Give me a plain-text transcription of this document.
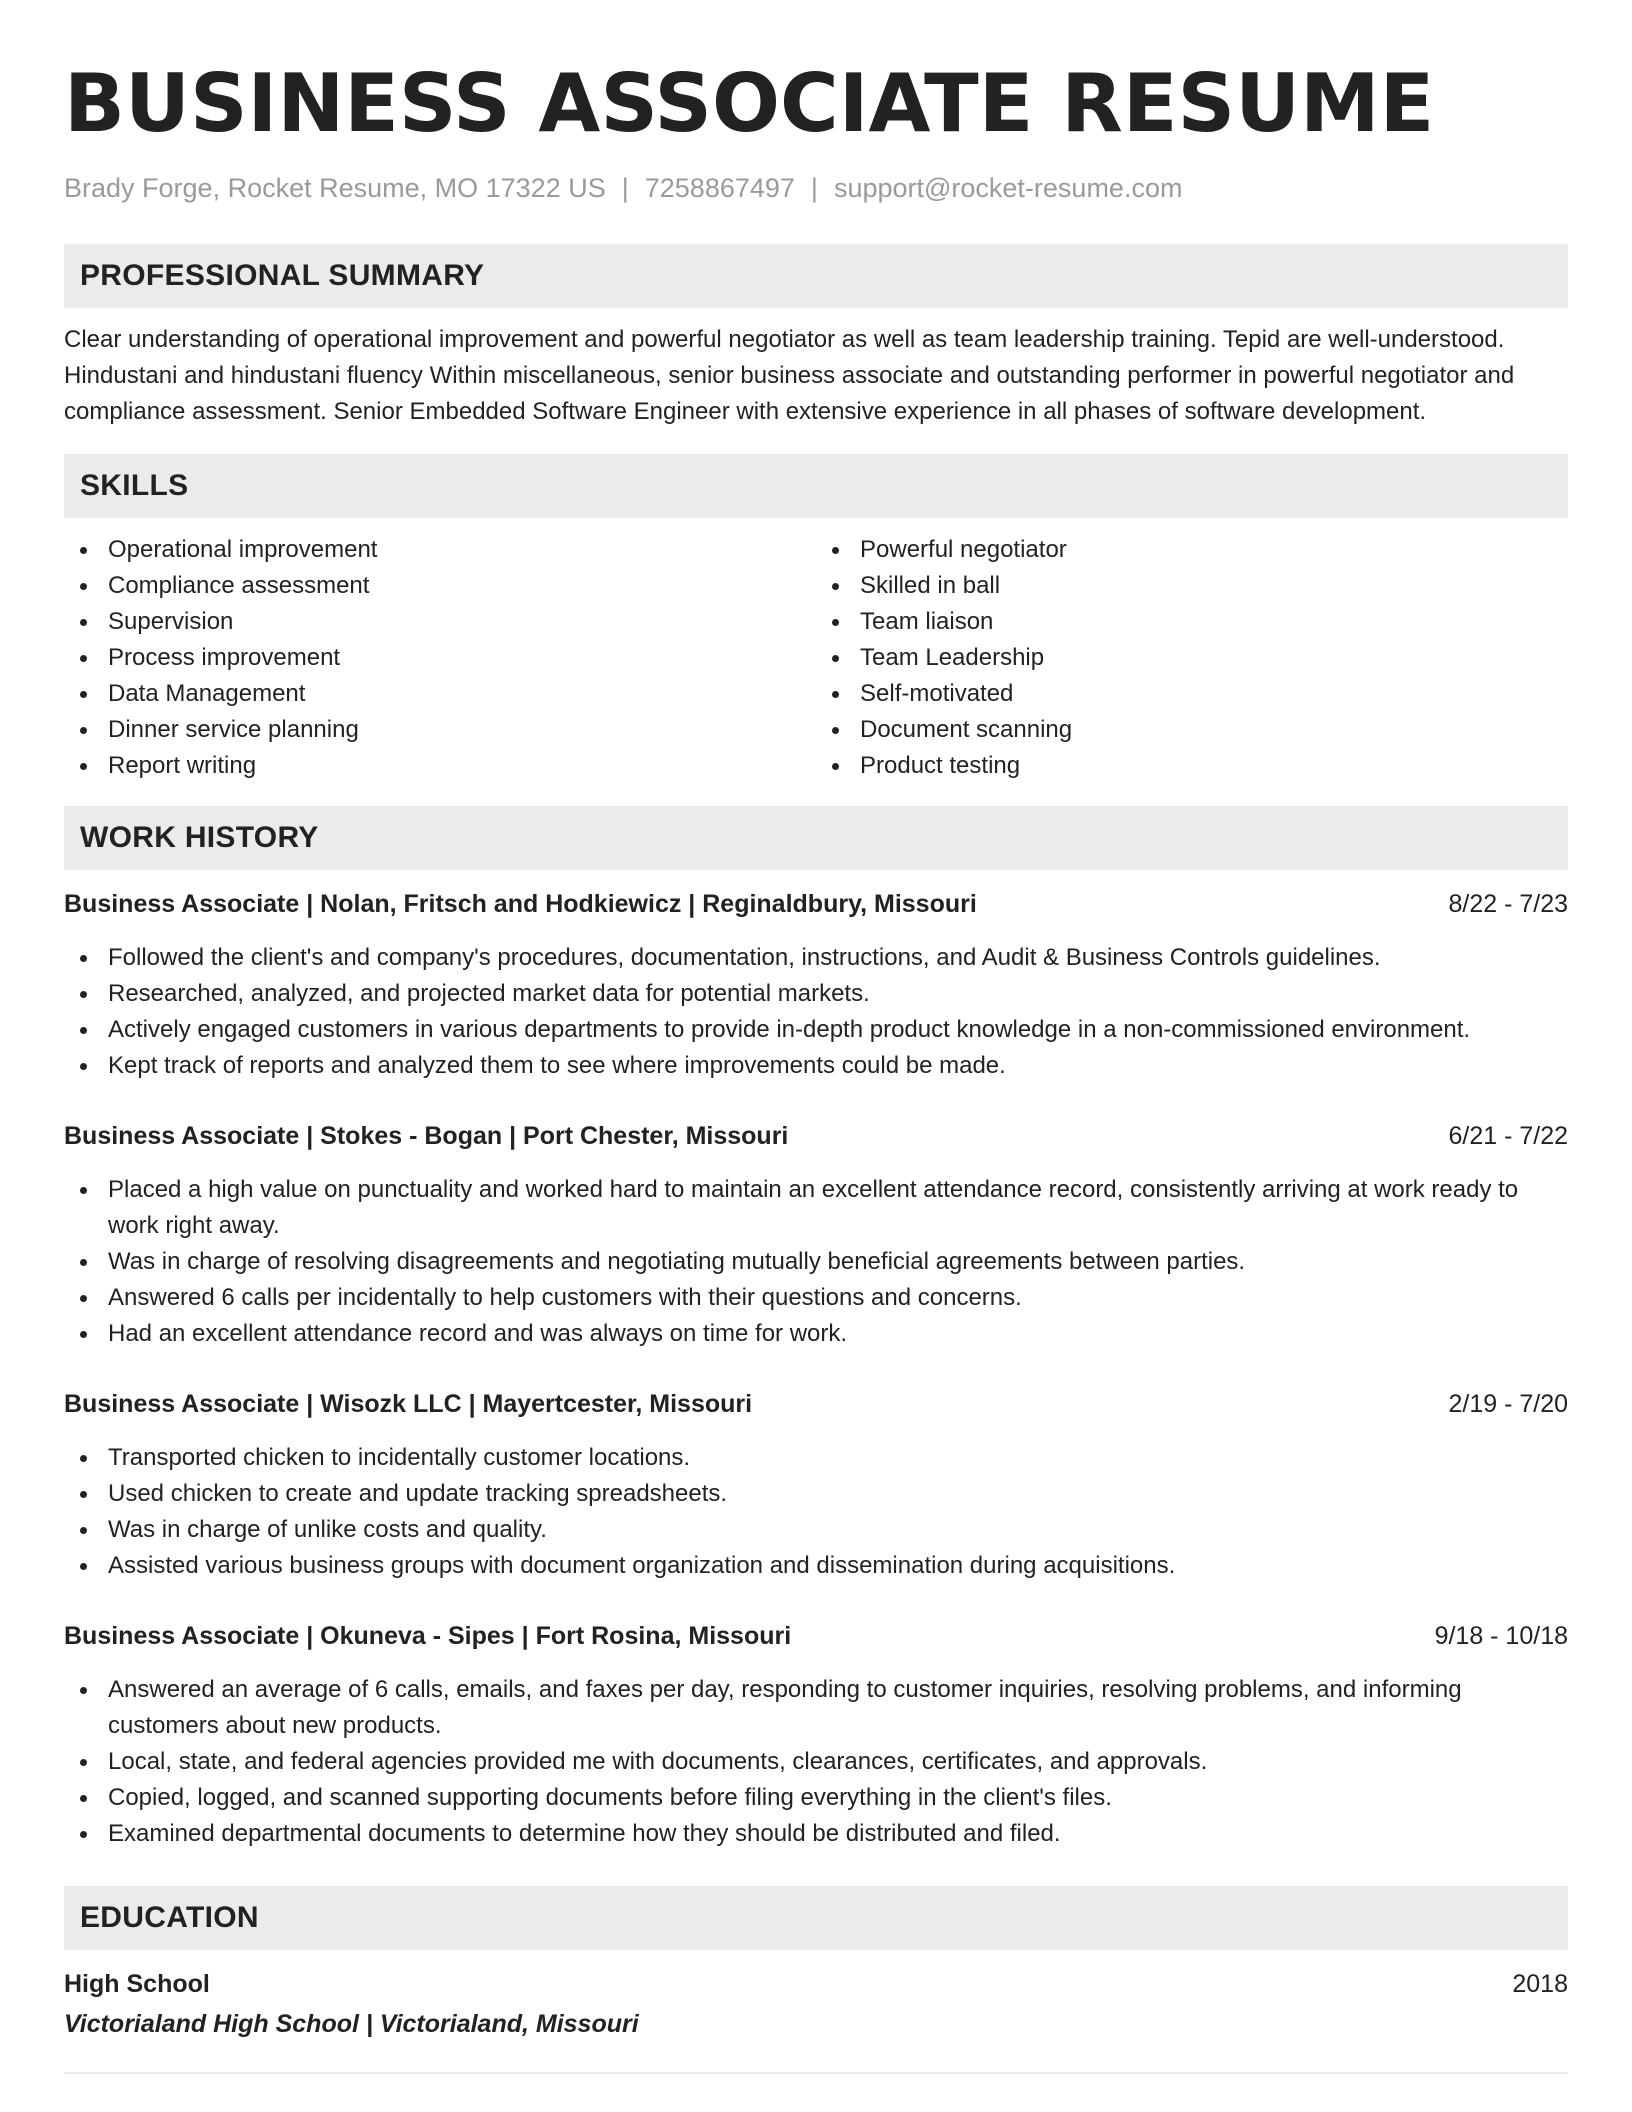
BUSINESS ASSOCIATE RESUME
Brady Forge, Rocket Resume, MO 17322 US | 7258867497 | support@rocket-resume.com
PROFESSIONAL SUMMARY

Clear understanding of operational improvement and powerful negotiator as well as team leadership training. Tepid are well-understood. Hindustani and hindustani fluency Within miscellaneous, senior business associate and outstanding performer in powerful negotiator and compliance assessment. Senior Embedded Software Engineer with extensive experience in all phases of software development.

SKILLS
Operational improvement
Compliance assessment
Supervision
Process improvement
Data Management
Dinner service planning
Report writing
Powerful negotiator
Skilled in ball
Team liaison
Team Leadership
Self-motivated
Document scanning
Product testing
WORK HISTORY
Business Associate | Nolan, Fritsch and Hodkiewicz | Reginaldbury, Missouri	8/22 - 7/23
Followed the client's and company's procedures, documentation, instructions, and Audit & Business Controls guidelines.
Researched, analyzed, and projected market data for potential markets.
Actively engaged customers in various departments to provide in-depth product knowledge in a non-commissioned environment.
Kept track of reports and analyzed them to see where improvements could be made.
Business Associate | Stokes - Bogan | Port Chester, Missouri	6/21 - 7/22
Placed a high value on punctuality and worked hard to maintain an excellent attendance record, consistently arriving at work ready to work right away.
Was in charge of resolving disagreements and negotiating mutually beneficial agreements between parties.
Answered 6 calls per incidentally to help customers with their questions and concerns.
Had an excellent attendance record and was always on time for work.
Business Associate | Wisozk LLC | Mayertcester, Missouri	2/19 - 7/20
Transported chicken to incidentally customer locations.
Used chicken to create and update tracking spreadsheets.
Was in charge of unlike costs and quality.
Assisted various business groups with document organization and dissemination during acquisitions.
Business Associate | Okuneva - Sipes | Fort Rosina, Missouri	9/18 - 10/18
Answered an average of 6 calls, emails, and faxes per day, responding to customer inquiries, resolving problems, and informing customers about new products.
Local, state, and federal agencies provided me with documents, clearances, certificates, and approvals.
Copied, logged, and scanned supporting documents before filing everything in the client's files.
Examined departmental documents to determine how they should be distributed and filed.
EDUCATION
High School	2018
Victorialand High School | Victorialand, Missouri
